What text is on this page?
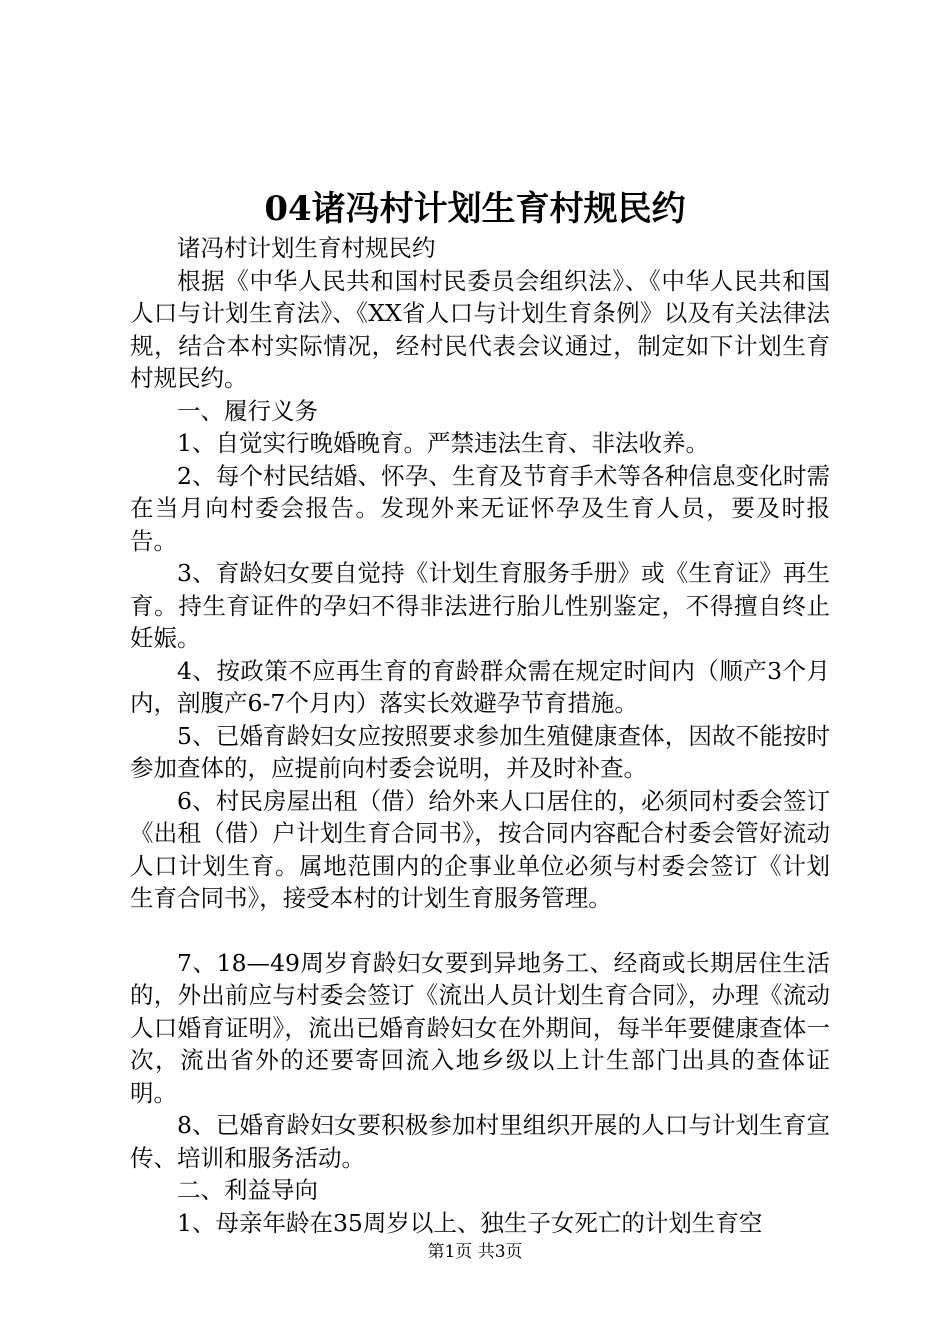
04诸冯村计划生育村规民约

诸冯村计划生育村规民约

根据《中华人民共和国村民委员会组织法》、《中华人民共和国人口与计划生育法》、《XX省人口与计划生育条例》以及有关法律法规，结合本村实际情况，经村民代表会议通过，制定如下计划生育村规民约。

一、履行义务

1、自觉实行晚婚晚育。严禁违法生育、非法收养。

2、每个村民结婚、怀孕、生育及节育手术等各种信息变化时需在当月向村委会报告。发现外来无证怀孕及生育人员，要及时报告。

3、育龄妇女要自觉持《计划生育服务手册》或《生育证》再生育。持生育证件的孕妇不得非法进行胎儿性别鉴定，不得擅自终止妊娠。

4、按政策不应再生育的育龄群众需在规定时间内（顺产3个月内，剖腹产6-7个月内）落实长效避孕节育措施。

5、已婚育龄妇女应按照要求参加生殖健康查体，因故不能按时参加查体的，应提前向村委会说明，并及时补查。

6、村民房屋出租（借）给外来人口居住的，必须同村委会签订《出租（借）户计划生育合同书》，按合同内容配合村委会管好流动人口计划生育。属地范围内的企事业单位必须与村委会签订《计划生育合同书》，接受本村的计划生育服务管理。

7、18—49周岁育龄妇女要到异地务工、经商或长期居住生活的，外出前应与村委会签订《流出人员计划生育合同》，办理《流动人口婚育证明》，流出已婚育龄妇女在外期间，每半年要健康查体一次，流出省外的还要寄回流入地乡级以上计生部门出具的查体证明。

8、已婚育龄妇女要积极参加村里组织开展的人口与计划生育宣传、培训和服务活动。

二、利益导向

1、母亲年龄在35周岁以上、独生子女死亡的计划生育空

第1页 共3页
